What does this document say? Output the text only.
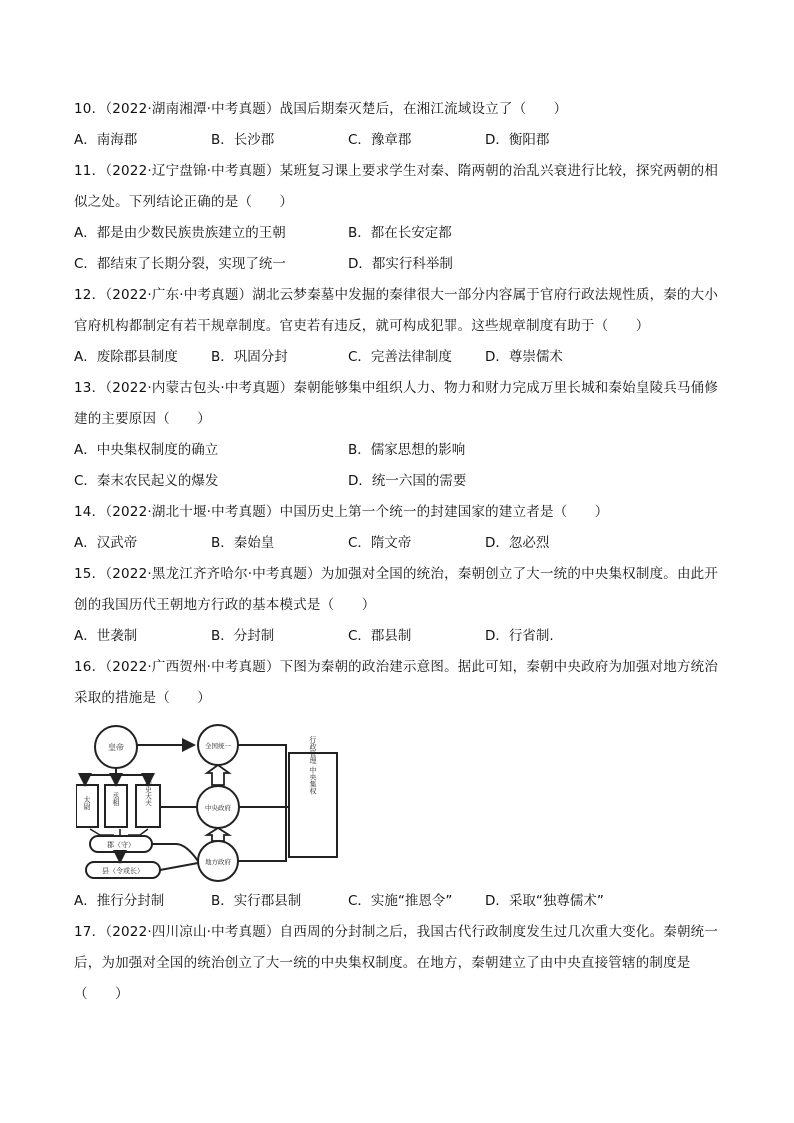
10．（2022·湖南湘潭·中考真题）战国后期秦灭楚后，在湘江流域设立了（　　）
A．南海郡	B．长沙郡	C．豫章郡	D．衡阳郡
11．（2022·辽宁盘锦·中考真题）某班复习课上要求学生对秦、隋两朝的治乱兴衰进行比较，探究两朝的相似之处。下列结论正确的是（　　）
A．都是由少数民族贵族建立的王朝	B．都在长安定都
C．都结束了长期分裂，实现了统一	D．都实行科举制
12．（2022·广东·中考真题）湖北云梦秦墓中发掘的秦律很大一部分内容属于官府行政法规性质，秦的大小官府机构都制定有若干规章制度。官吏若有违反，就可构成犯罪。这些规章制度有助于（　　）
A．废除郡县制度 B．巩固分封	C．完善法律制度 D．尊崇儒术
13．（2022·内蒙古包头·中考真题）秦朝能够集中组织人力、物力和财力完成万里长城和秦始皇陵兵马俑修建的主要原因（　　）
A．中央集权制度的确立	B．儒家思想的影响
C．秦末农民起义的爆发	D．统一六国的需要
14．（2022·湖北十堰·中考真题）中国历史上第一个统一的封建国家的建立者是（　　）
A．汉武帝	B．秦始皇	C．隋文帝	D．忽必烈
15．（2022·黑龙江齐齐哈尔·中考真题）为加强对全国的统治，秦朝创立了大一统的中央集权制度。由此开创的我国历代王朝地方行政的基本模式是（　　）
A．世袭制	B．分封制	C．郡县制	D．行省制.
16．（2022·广西贺州·中考真题）下图为秦朝的政治建示意图。据此可知，秦朝中央政府为加强对地方统治采取的措施是（　　）
皇帝	全国统一
中央政府
地方政府
太尉	丞相	御史大夫
郡（守）
县（令或长）
行政管理 中央集权
A．推行分封制	B．实行郡县制	C．实施“推恩令” D．采取“独尊儒术”
17．（2022·四川凉山·中考真题）自西周的分封制之后，我国古代行政制度发生过几次重大变化。秦朝统一后，为加强对全国的统治创立了大一统的中央集权制度。在地方，秦朝建立了由中央直接管辖的制度是（　　）
